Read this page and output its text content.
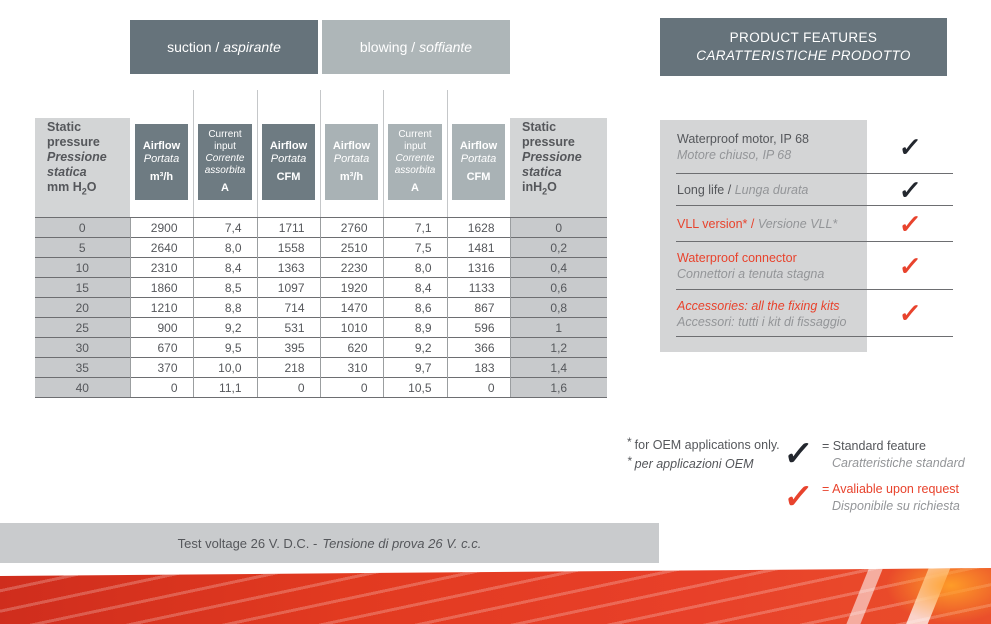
suction / aspirante	blowing / soffiante
Static pressure
Pressione statica
mm $H_2O$

Airflow
Portata
m³/h

Current input
Corrente assorbita
A

Airflow
Portata
CFM

Airflow
Portata
m³/h

Current input
Corrente assorbita
A

Airflow
Portata
CFM

Static pressure
Pressione statica
inH$_2$O

0	2900	7,4	1711	2760	7,1	1628	0
5	2640	8,0	1558	2510	7,5	1481	0,2
10	2310	8,4	1363	2230	8,0	1316	0,4
15	1860	8,5	1097	1920	8,4	1133	0,6
20	1210	8,8	714	1470	8,6	867	0,8
25	900	9,2	531	1010	8,9	596	1
30	670	9,5	395	620	9,2	366	1,2
35	370	10,0	218	310	9,7	183	1,4
40	0	11,1	0	0	10,5	0	1,6
PRODUCT FEATURES
CARATTERISTICHE PRODOTTO
Waterproof motor, IP 68
Motore chiuso, IP 68	✓
Long life / Lunga durata	✓
VLL version* / Versione VLL*	✓
Waterproof connector
Connettori a tenuta stagna	✓
Accessories: all the fixing kits
Accessori: tutti i kit di fissaggio	✓
* for OEM applications only.
* per applicazioni OEM ✓ = Standard feature
Caratteristiche standard
✓ = Avaliable upon request
Disponibile su richiesta
Test voltage 26 V. D.C. - Tensione di prova 26 V. c.c.
